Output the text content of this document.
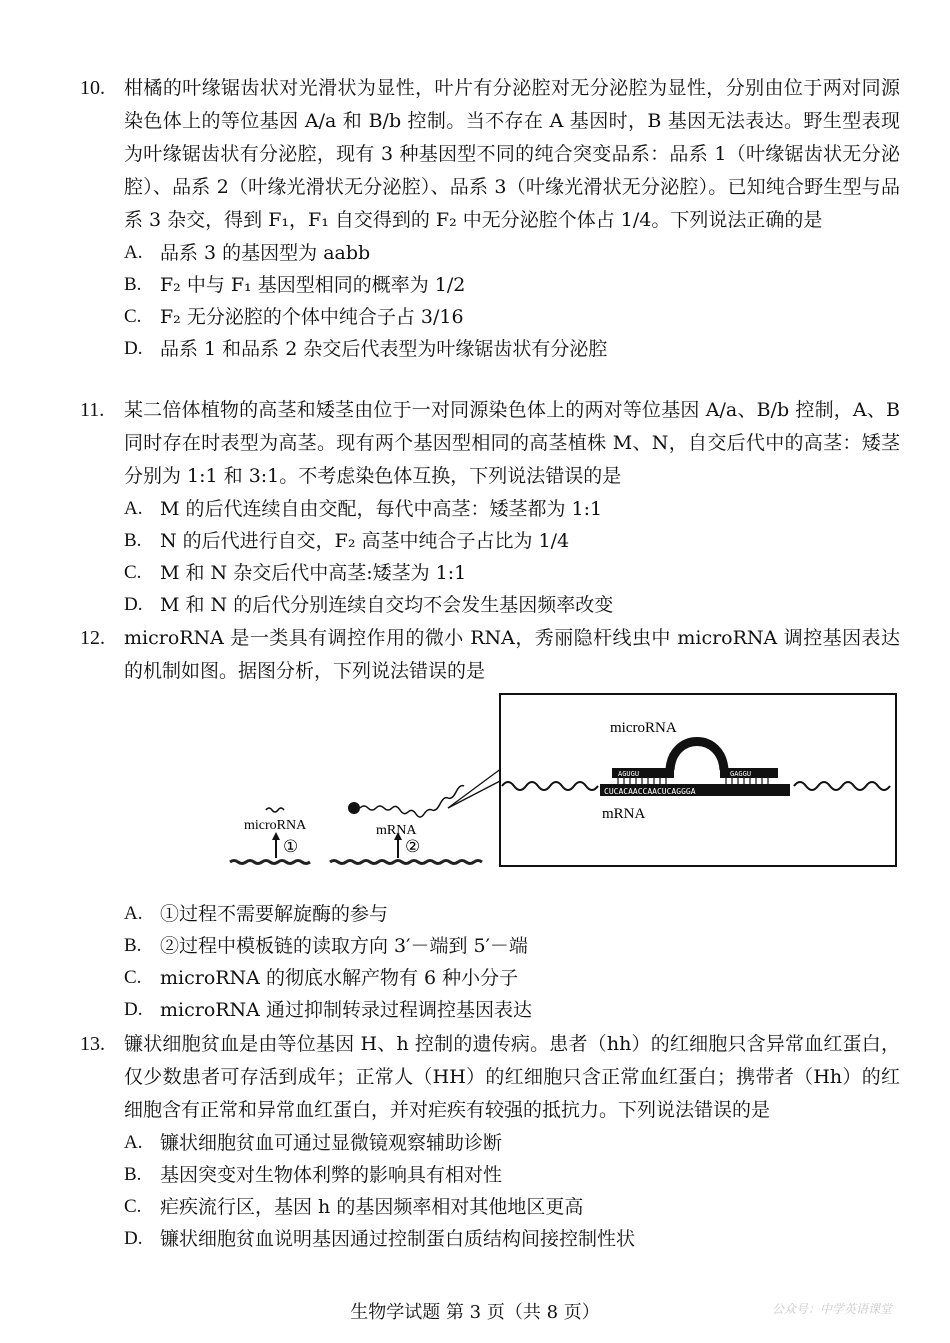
10.	柑橘的叶缘锯齿状对光滑状为显性，叶片有分泌腔对无分泌腔为显性，分别由位于两对同源染色体上的等位基因 A/a 和 B/b 控制。当不存在 A 基因时，B 基因无法表达。野生型表现为叶缘锯齿状有分泌腔，现有 3 种基因型不同的纯合突变品系：品系 1（叶缘锯齿状无分泌腔）、品系 2（叶缘光滑状无分泌腔）、品系 3（叶缘光滑状无分泌腔）。已知纯合野生型与品系 3 杂交，得到 F₁，F₁ 自交得到的 F₂ 中无分泌腔个体占 1/4。下列说法正确的是
A. 品系 3 的基因型为 aabb
B. F₂ 中与 F₁ 基因型相同的概率为 1/2
C. F₂ 无分泌腔的个体中纯合子占 3/16
D. 品系 1 和品系 2 杂交后代表型为叶缘锯齿状有分泌腔
11.	某二倍体植物的高茎和矮茎由位于一对同源染色体上的两对等位基因 A/a、B/b 控制，A、B 同时存在时表型为高茎。现有两个基因型相同的高茎植株 M、N，自交后代中的高茎：矮茎分别为 1:1 和 3:1。不考虑染色体互换，下列说法错误的是
A. M 的后代连续自由交配，每代中高茎：矮茎都为 1:1
B. N 的后代进行自交，F₂ 高茎中纯合子占比为 1/4
C. M 和 N 杂交后代中高茎:矮茎为 1:1
D. M 和 N 的后代分别连续自交均不会发生基因频率改变
12.	microRNA 是一类具有调控作用的微小 RNA，秀丽隐杆线虫中 microRNA 调控基因表达的机制如图。据图分析，下列说法错误的是
①	②
microRNA	mRNA
microRNA
CUCACAACCAACUCAGGGA
AGUGU	GAGGU
mRNA
A. ①过程不需要解旋酶的参与
B. ②过程中模板链的读取方向 3′－端到 5′－端
C. microRNA 的彻底水解产物有 6 种小分子
D. microRNA 通过抑制转录过程调控基因表达
13.	镰状细胞贫血是由等位基因 H、h 控制的遗传病。患者（hh）的红细胞只含异常血红蛋白，仅少数患者可存活到成年；正常人（HH）的红细胞只含正常血红蛋白；携带者（Hh）的红细胞含有正常和异常血红蛋白，并对疟疾有较强的抵抗力。下列说法错误的是
A. 镰状细胞贫血可通过显微镜观察辅助诊断
B. 基因突变对生物体利弊的影响具有相对性
C. 疟疾流行区，基因 h 的基因频率相对其他地区更高
D. 镰状细胞贫血说明基因通过控制蛋白质结构间接控制性状
生物学试题 第 3 页（共 8 页）	公众号：中学英语课堂
